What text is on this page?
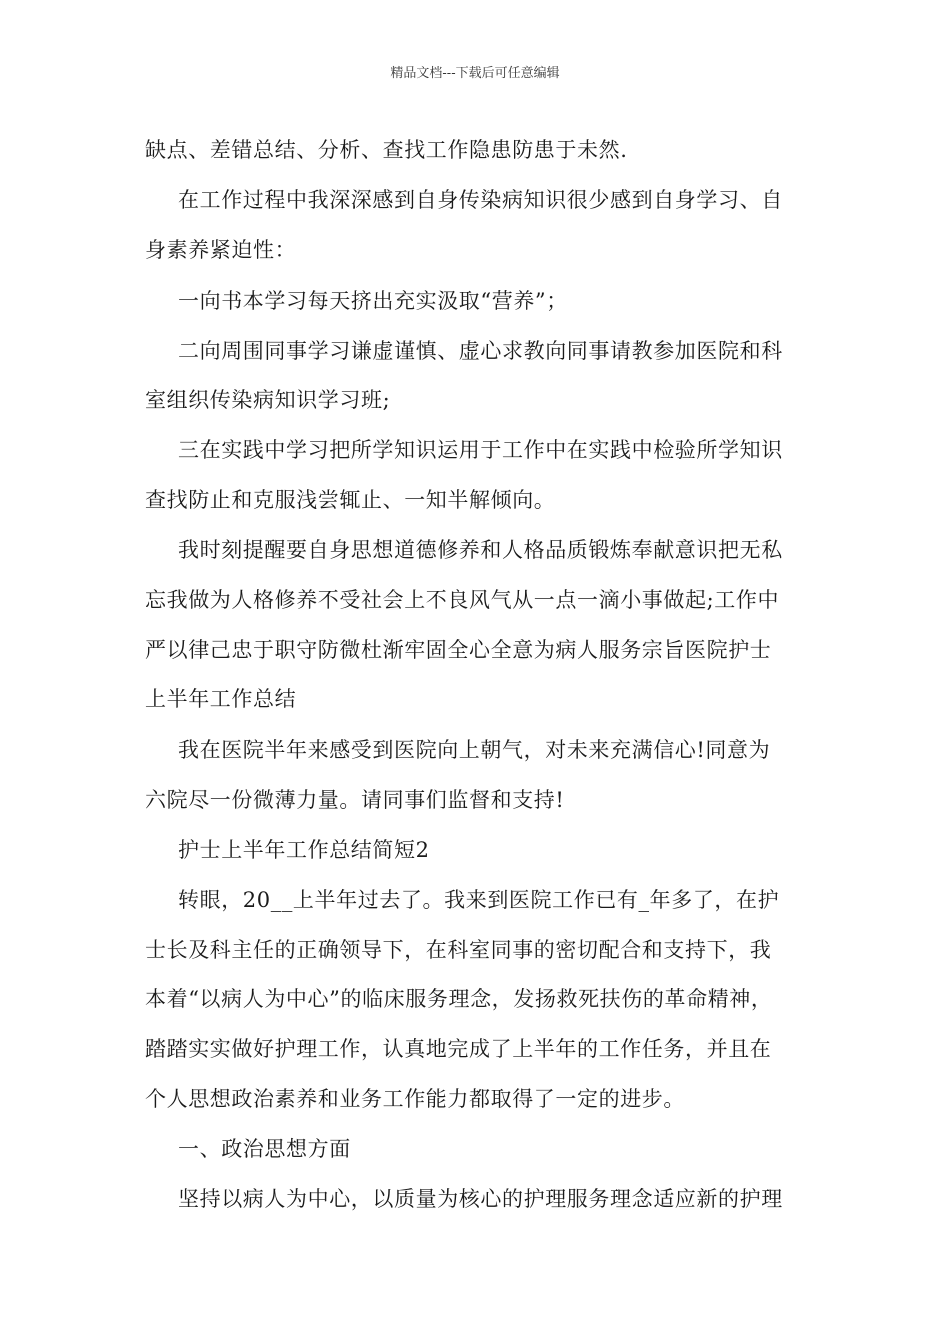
精品文档---下载后可任意编辑
缺点、差错总结、分析、查找工作隐患防患于未然.
在工作过程中我深深感到自身传染病知识很少感到自身学习、自
身素养紧迫性：
一向书本学习每天挤出充实汲取“营养”；
二向周围同事学习谦虚谨慎、虚心求教向同事请教参加医院和科
室组织传染病知识学习班;
三在实践中学习把所学知识运用于工作中在实践中检验所学知识
查找防止和克服浅尝辄止、一知半解倾向。
我时刻提醒要自身思想道德修养和人格品质锻炼奉献意识把无私
忘我做为人格修养不受社会上不良风气从一点一滴小事做起;工作中
严以律己忠于职守防微杜渐牢固全心全意为病人服务宗旨医院护士
上半年工作总结
我在医院半年来感受到医院向上朝气，对未来充满信心!同意为
六院尽一份微薄力量。请同事们监督和支持!
护士上半年工作总结简短2
转眼，20__上半年过去了。我来到医院工作已有_年多了，在护
士长及科主任的正确领导下，在科室同事的密切配合和支持下，我
本着“以病人为中心”的临床服务理念，发扬救死扶伤的革命精神，
踏踏实实做好护理工作，认真地完成了上半年的工作任务，并且在
个人思想政治素养和业务工作能力都取得了一定的进步。
一、政治思想方面
坚持以病人为中心，以质量为核心的护理服务理念适应新的护理
